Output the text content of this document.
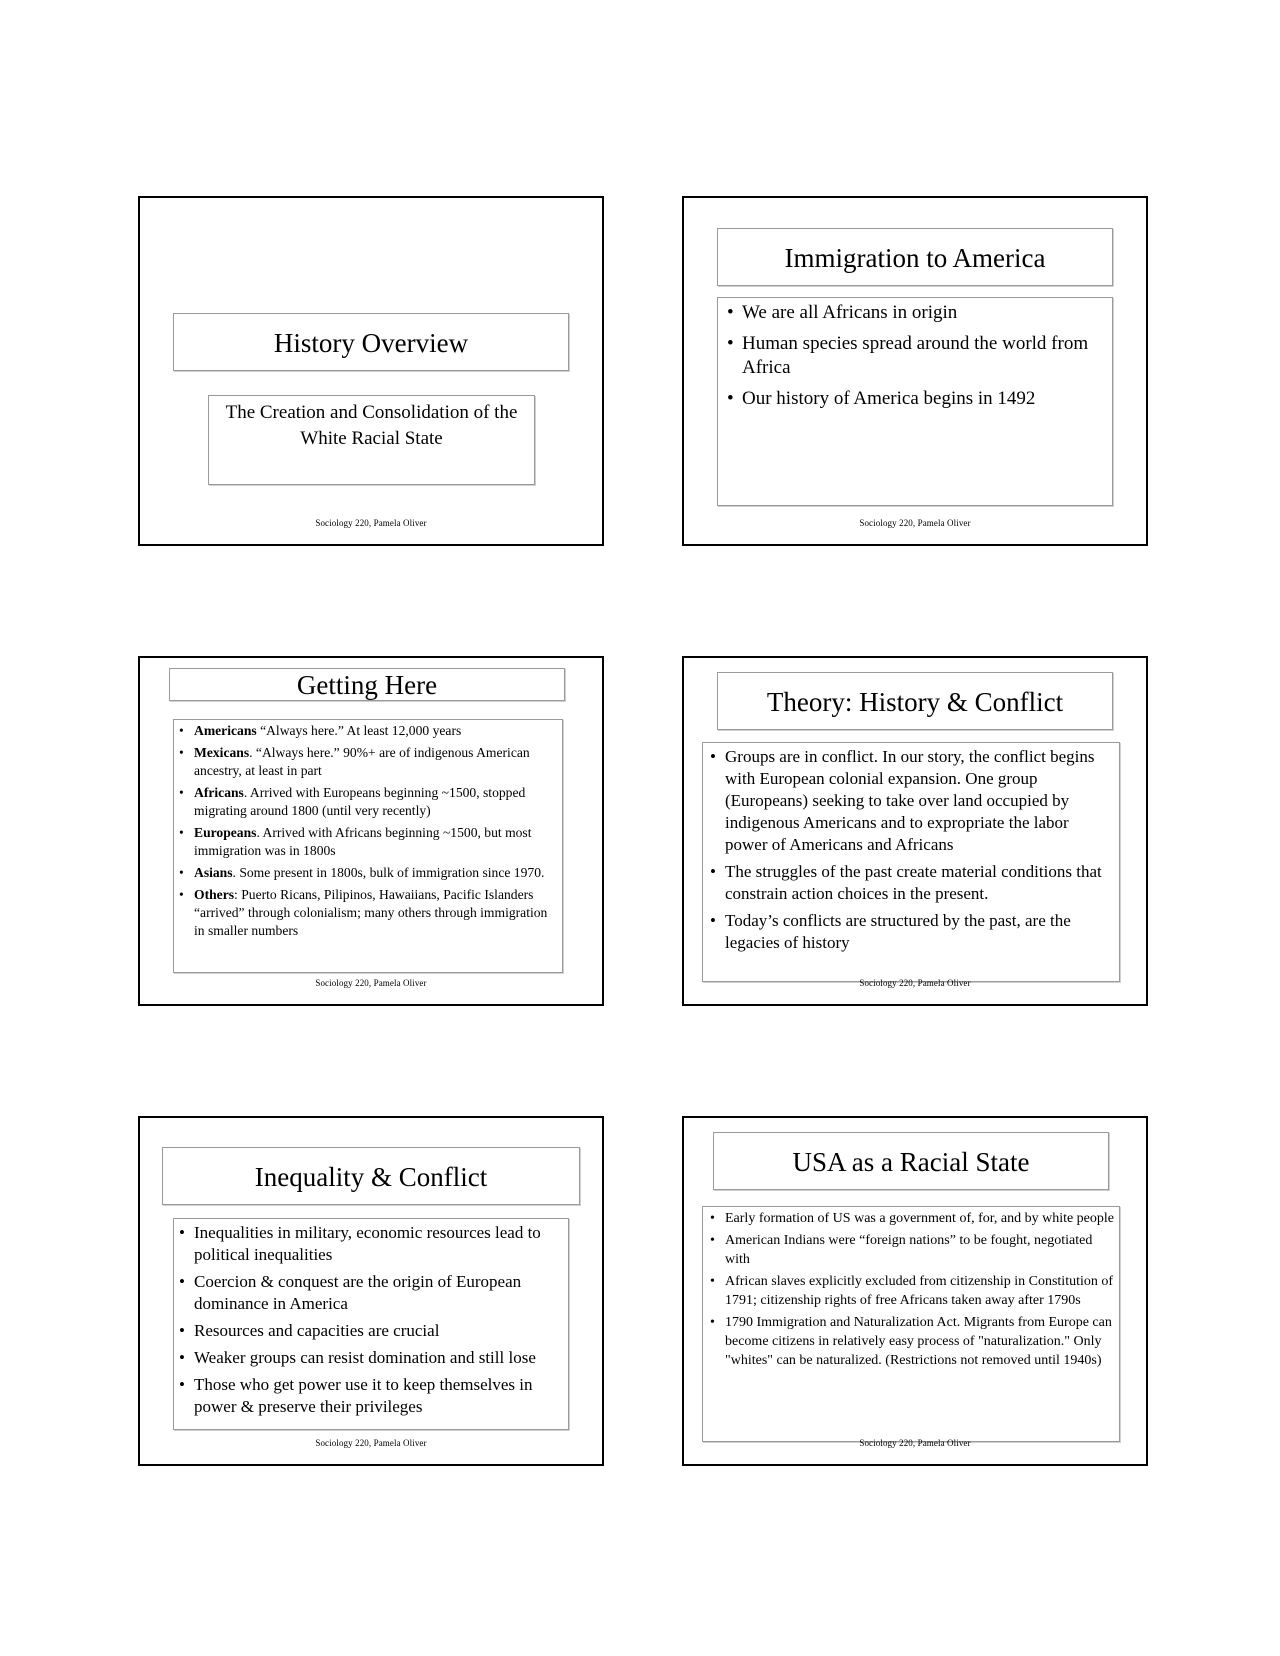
History Overview
The Creation and Consolidation of the White Racial State
Sociology 220, Pamela Oliver
Immigration to America
• We are all Africans in origin
• Human species spread around the world from Africa
• Our history of America begins in 1492
Sociology 220, Pamela Oliver
Getting Here
• Americans “Always here.” At least 12,000 years
• Mexicans. “Always here.” 90%+ are of indigenous American ancestry, at least in part
• Africans. Arrived with Europeans beginning ~1500, stopped migrating around 1800 (until very recently)
• Europeans. Arrived with Africans beginning ~1500, but most immigration was in 1800s
• Asians. Some present in 1800s, bulk of immigration since 1970.
• Others: Puerto Ricans, Pilipinos, Hawaiians, Pacific Islanders “arrived” through colonialism; many others through immigration in smaller numbers
Sociology 220, Pamela Oliver
Theory: History & Conflict
• Groups are in conflict. In our story, the conflict begins with European colonial expansion. One group (Europeans) seeking to take over land occupied by indigenous Americans and to expropriate the labor power of Americans and Africans
• The struggles of the past create material conditions that constrain action choices in the present.
• Today’s conflicts are structured by the past, are the legacies of history
Sociology 220, Pamela Oliver
Inequality & Conflict
• Inequalities in military, economic resources lead to political inequalities
• Coercion & conquest are the origin of European dominance in America
• Resources and capacities are crucial
• Weaker groups can resist domination and still lose
• Those who get power use it to keep themselves in power & preserve their privileges
Sociology 220, Pamela Oliver
USA as a Racial State
• Early formation of US was a government of, for, and by white people
• American Indians were “foreign nations” to be fought, negotiated with
• African slaves explicitly excluded from citizenship in Constitution of 1791; citizenship rights of free Africans taken away after 1790s
• 1790 Immigration and Naturalization Act. Migrants from Europe can become citizens in relatively easy process of "naturalization." Only "whites" can be naturalized. (Restrictions not removed until 1940s)
Sociology 220, Pamela Oliver
